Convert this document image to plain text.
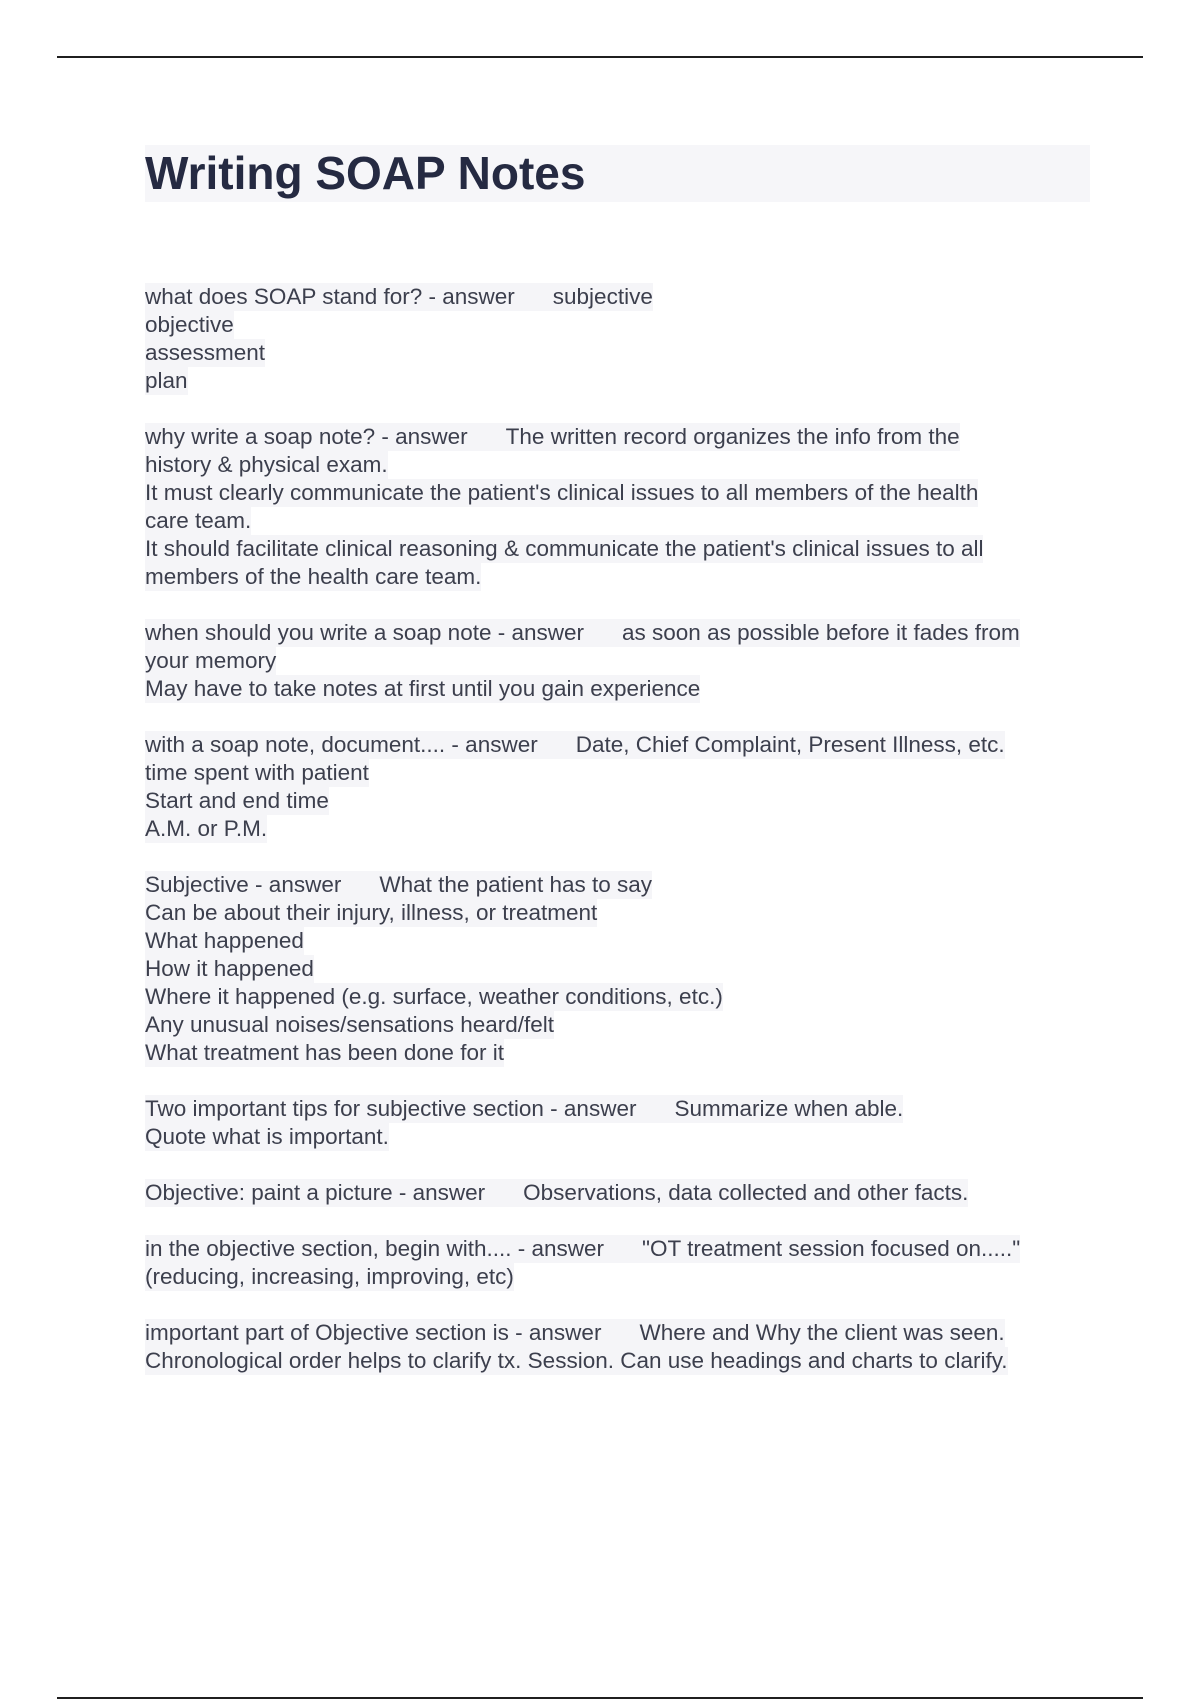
Writing SOAP Notes
what does SOAP stand for? - answer subjective
objective
assessment
plan
why write a soap note? - answer The written record organizes the info from the
history & physical exam.
It must clearly communicate the patient's clinical issues to all members of the health
care team.
It should facilitate clinical reasoning & communicate the patient's clinical issues to all
members of the health care team.
when should you write a soap note - answer as soon as possible before it fades from
your memory
May have to take notes at first until you gain experience
with a soap note, document.... - answer Date, Chief Complaint, Present Illness, etc.
time spent with patient
Start and end time
A.M. or P.M.
Subjective - answer What the patient has to say
Can be about their injury, illness, or treatment
What happened
How it happened
Where it happened (e.g. surface, weather conditions, etc.)
Any unusual noises/sensations heard/felt
What treatment has been done for it
Two important tips for subjective section - answer Summarize when able.
Quote what is important.
Objective: paint a picture - answer Observations, data collected and other facts.
in the objective section, begin with.... - answer "OT treatment session focused on....."
(reducing, increasing, improving, etc)
important part of Objective section is - answer Where and Why the client was seen.
Chronological order helps to clarify tx. Session. Can use headings and charts to clarify.
